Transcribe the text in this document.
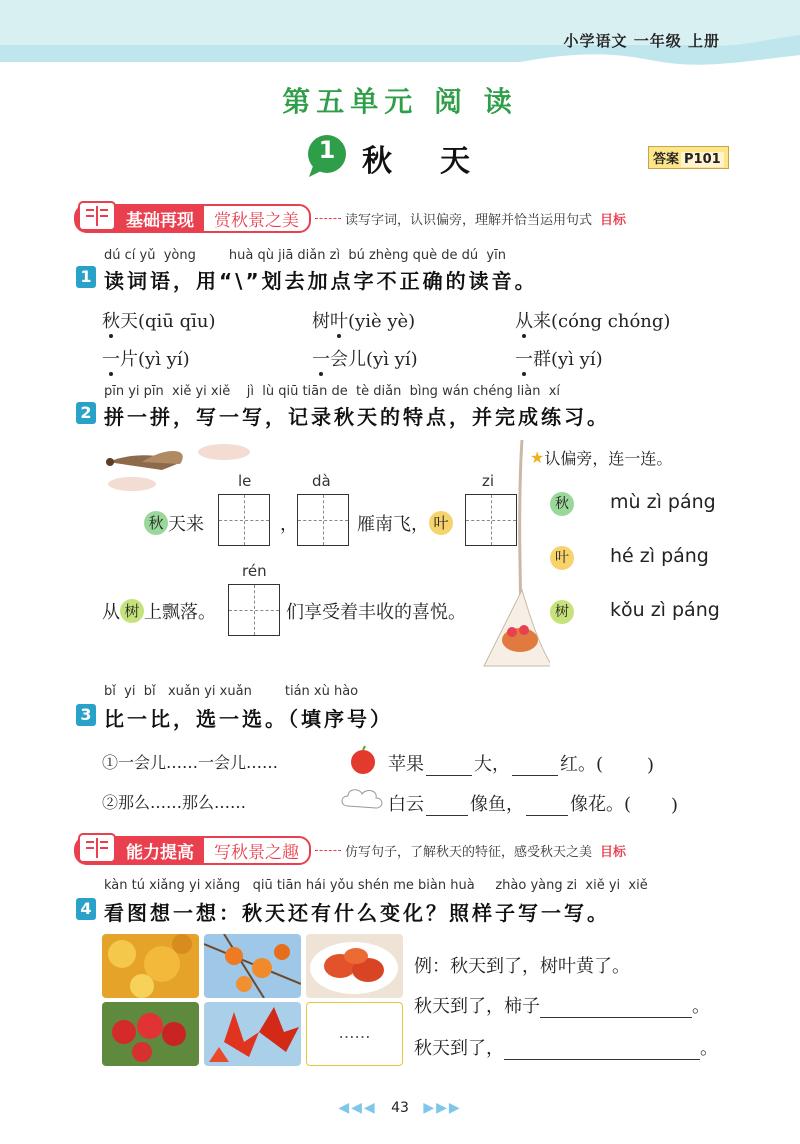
小学语文 一年级 上册
第五单元 阅 读
1 秋天	答案 P101
基础再现	赏秋景之美	读写字词，认识偏旁，理解并恰当运用句式 目标
dú cí yǔ  yòng        huà qù jiā diǎn zì  bú zhèng què de dú  yīn
1 读词语，用“\”划去加点字不正确的读音。
秋天(qiū qīu)	树叶(yiè yè)	从来(cóng chóng)
一片(yì yí)	一会儿(yì yí)	一群(yì yí)
pīn yi pīn  xiě yi xiě    jì  lù qiū tiān de  tè diǎn  bìng wán chéng liàn  xí
2 拼一拼，写一写，记录秋天的特点，并完成练习。
le	dà	zi
rén
秋 天来	，	雁南飞， 叶
从 树 上飘落。	们享受着丰收的喜悦。
★ 认偏旁，连一连。
秋
叶
树
mù zì páng
hé zì páng
kǒu zì páng
bǐ  yi  bǐ   xuǎn yi xuǎn        tián xù hào
3 比一比，选一选。（填序号）
①一会儿……一会儿……
②那么……那么……
苹果	大，	红。( )
白云	像鱼，	像花。( )
能力提高	写秋景之趣	仿写句子，了解秋天的特征，感受秋天之美 目标
kàn tú xiǎng yi xiǎng   qiū tiān hái yǒu shén me biàn huà     zhào yàng zi  xiě yi  xiě
4 看图想一想：秋天还有什么变化？照样子写一写。
……
例：秋天到了，树叶黄了。
秋天到了，柿子	。
秋天到了，	。
◀◀◀ 43 ▶▶▶
